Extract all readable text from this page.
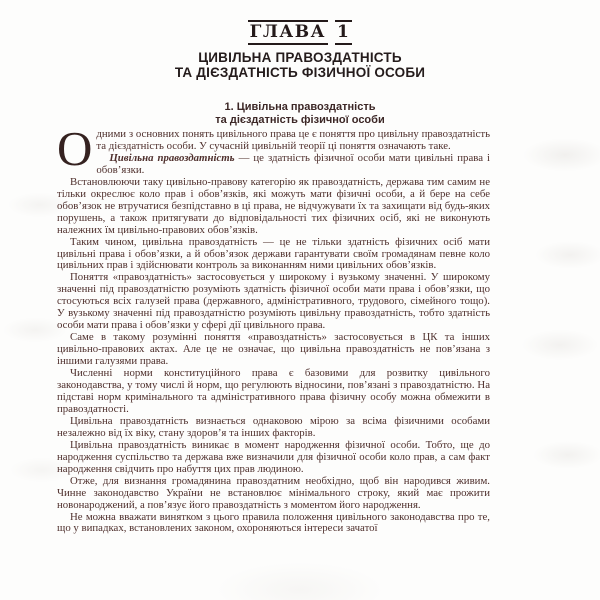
ГЛАВА 1
ЦИВІЛЬНА ПРАВОЗДАТНІСТЬ
ТА ДІЄЗДАТНІСТЬ ФІЗИЧНОЇ ОСОБИ
1. Цивільна правоздатність
та дієздатність фізичної особи

Одними з основних понять цивільного права це є поняття про цивільну правоздатність та дієздатність особи. У сучасній цивільній теорії ці поняття означають таке.

Цивільна правоздатність — це здатність фізичної особи мати цивільні права і обов’язки.

Встановлюючи таку цивільно-правову категорію як правоздатність, держава тим самим не тільки окреслює коло прав і обов’язків, які можуть мати фізичні особи, а й бере на себе обов’язок не втручатися безпідставно в ці права, не відчужувати їх та захищати від будь-яких порушень, а також притягувати до відповідальності тих фізичних осіб, які не виконують належних їм цивільно-правових обов’язків.

Таким чином, цивільна правоздатність — це не тільки здатність фізичних осіб мати цивільні права і обов’язки, а й обов’язок держави гарантувати своїм громадянам певне коло цивільних прав і здійснювати контроль за виконанням ними цивільних обов’язків.

Поняття «правоздатність» застосовується у широкому і вузькому значенні. У широкому значенні під правоздатністю розуміють здатність фізичної особи мати права і обов’язки, що стосуються всіх галузей права (державного, адміністративного, трудового, сімейного тощо). У вузькому значенні під правоздатністю розуміють цивільну правоздатність, тобто здатність особи мати права і обов’язки у сфері дії цивільного права.

Саме в такому розумінні поняття «правоздатність» застосовується в ЦК та інших цивільно-правових актах. Але це не означає, що цивільна правоздатність не пов’язана з іншими галузями права.

Численні норми конституційного права є базовими для розвитку цивільного законодавства, у тому числі й норм, що регулюють відносини, пов’язані з правоздатністю. На підставі норм кримінального та адміністративного права фізичну особу можна обмежити в правоздатності.

Цивільна правоздатність визнається однаковою мірою за всіма фізичними особами незалежно від їх віку, стану здоров’я та інших факторів.

Цивільна правоздатність виникає в момент народження фізичної особи. Тобто, ще до народження суспільство та держава вже визначили для фізичної особи коло прав, а сам факт народження свідчить про набуття цих прав людиною.

Отже, для визнання громадянина правоздатним необхідно, щоб він народився живим. Чинне законодавство України не встановлює мінімального строку, який має прожити новонароджений, а пов’язує його правоздатність з моментом його народження.

Не можна вважати винятком з цього правила положення цивільного законодавства про те, що у випадках, встановлених законом, охороняються інтереси зачатої
